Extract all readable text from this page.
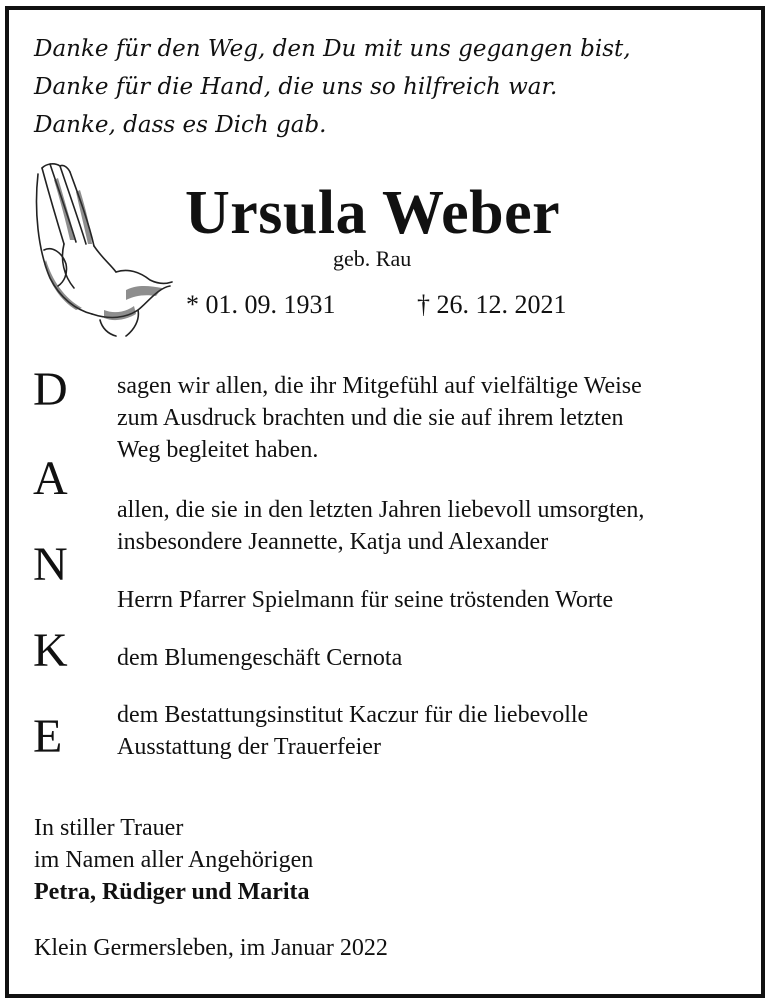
Danke für den Weg, den Du mit uns gegangen bist,
Danke für die Hand, die uns so hilfreich war.
Danke, dass es Dich gab.
Ursula Weber
geb. Rau
* 01. 09. 1931	† 26. 12. 2021
D
A
N
K
E
sagen wir allen, die ihr Mitgefühl auf vielfältige Weise
zum Ausdruck brachten und die sie auf ihrem letzten
Weg begleitet haben.
allen, die sie in den letzten Jahren liebevoll umsorgten,
insbesondere Jeannette, Katja und Alexander
Herrn Pfarrer Spielmann für seine tröstenden Worte
dem Blumengeschäft Cernota
dem Bestattungsinstitut Kaczur für die liebevolle
Ausstattung der Trauerfeier
In stiller Trauer
im Namen aller Angehörigen
Petra, Rüdiger und Marita
Klein Germersleben, im Januar 2022
